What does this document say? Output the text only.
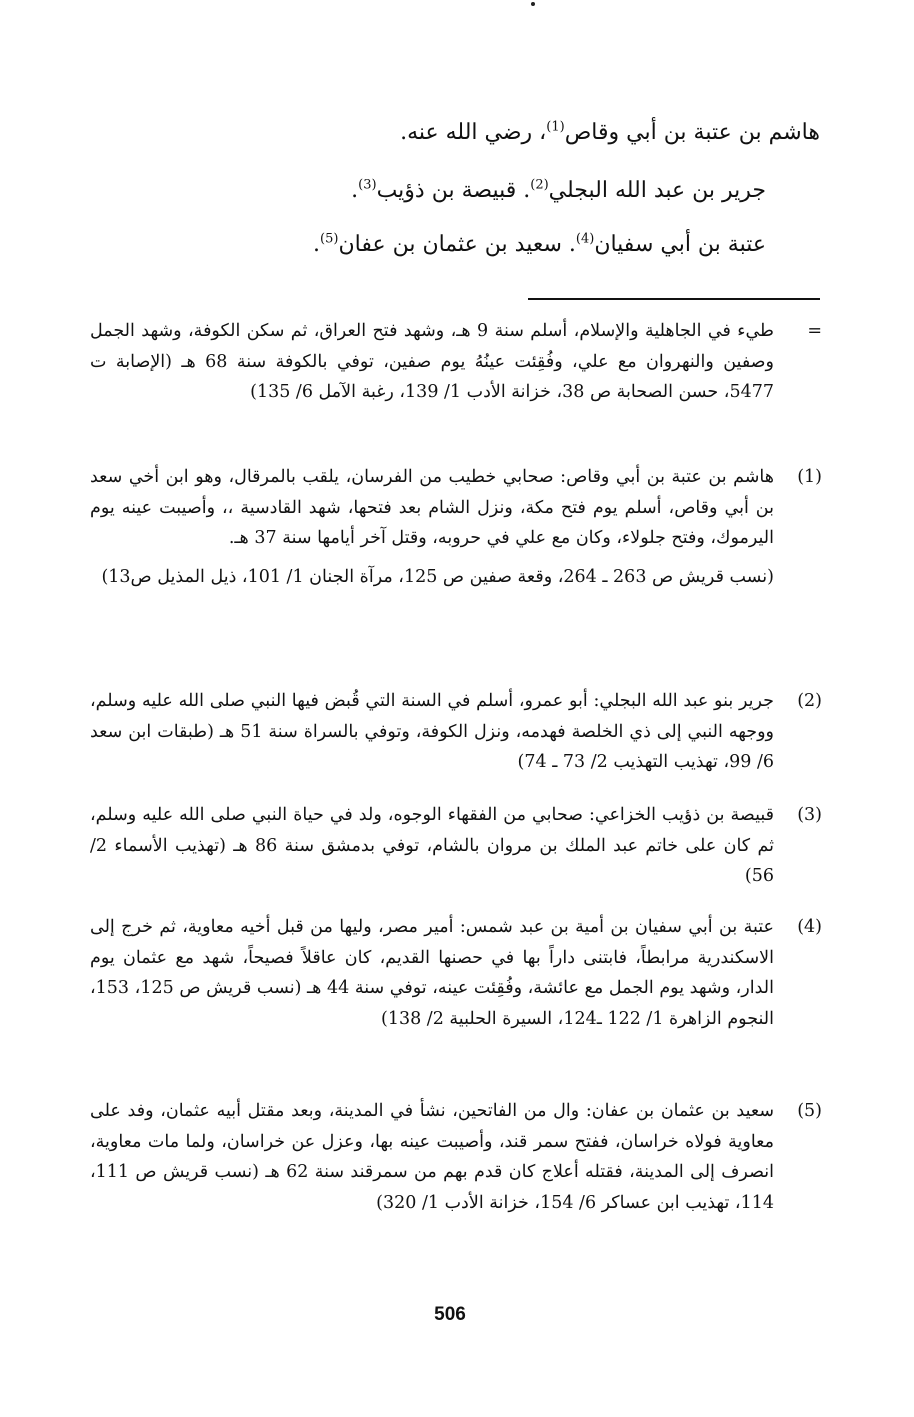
هاشم بن عتبة بن أبي وقاص$^{(1)}$، رضي الله عنه.
جرير بن عبد الله البجلي$^{(2)}$. قبيصة بن ذؤيب$^{(3)}$.
عتبة بن أبي سفيان$^{(4)}$. سعيد بن عثمان بن عفان$^{(5)}$.
=
طيء في الجاهلية والإسلام، أسلم سنة 9 هـ، وشهد فتح العراق، ثم سكن الكوفة، وشهد الجمل وصفين والنهروان مع علي، وفُقِئت عينُهُ يوم صفين، توفي بالكوفة سنة 68 هـ (الإصابة ت 5477، حسن الصحابة ص 38، خزانة الأدب 1/ 139، رغبة الآمل 6/ 135)
(1)
هاشم بن عتبة بن أبي وقاص: صحابي خطيب من الفرسان، يلقب بالمرقال، وهو ابن أخي سعد بن أبي وقاص، أسلم يوم فتح مكة، ونزل الشام بعد فتحها، شهد القادسية ،، وأصيبت عينه يوم اليرموك، وفتح جلولاء، وكان مع علي في حروبه، وقتل آخر أيامها سنة 37 هـ.
(نسب قريش ص 263 ـ 264، وقعة صفين ص 125، مرآة الجنان 1/ 101، ذيل المذيل ص13)
(2)
جرير بنو عبد الله البجلي: أبو عمرو، أسلم في السنة التي قُبض فيها النبي صلى الله عليه وسلم، ووجهه النبي إلى ذي الخلصة فهدمه، ونزل الكوفة، وتوفي بالسراة سنة 51 هـ (طبقات ابن سعد 6/ 99، تهذيب التهذيب 2/ 73 ـ 74)
(3)
قبيصة بن ذؤيب الخزاعي: صحابي من الفقهاء الوجوه، ولد في حياة النبي صلى الله عليه وسلم، ثم كان على خاتم عبد الملك بن مروان بالشام، توفي بدمشق سنة 86 هـ (تهذيب الأسماء 2/ 56)
(4)
عتبة بن أبي سفيان بن أمية بن عبد شمس: أمير مصر، وليها من قبل أخيه معاوية، ثم خرج إلى الاسكندرية مرابطاً، فابتنى داراً بها في حصنها القديم، كان عاقلاً فصيحاً، شهد مع عثمان يوم الدار، وشهد يوم الجمل مع عائشة، وفُقِئت عينه، توفي سنة 44 هـ (نسب قريش ص 125، 153، النجوم الزاهرة 1/ 122 ـ124، السيرة الحلبية 2/ 138)
(5)
سعيد بن عثمان بن عفان: وال من الفاتحين، نشأ في المدينة، وبعد مقتل أبيه عثمان، وفد على معاوية فولاه خراسان، ففتح سمر قند، وأصيبت عينه بها، وعزل عن خراسان، ولما مات معاوية، انصرف إلى المدينة، فقتله أعلاج كان قدم بهم من سمرقند سنة 62 هـ (نسب قريش ص 111، 114، تهذيب ابن عساكر 6/ 154، خزانة الأدب 1/ 320)
506
